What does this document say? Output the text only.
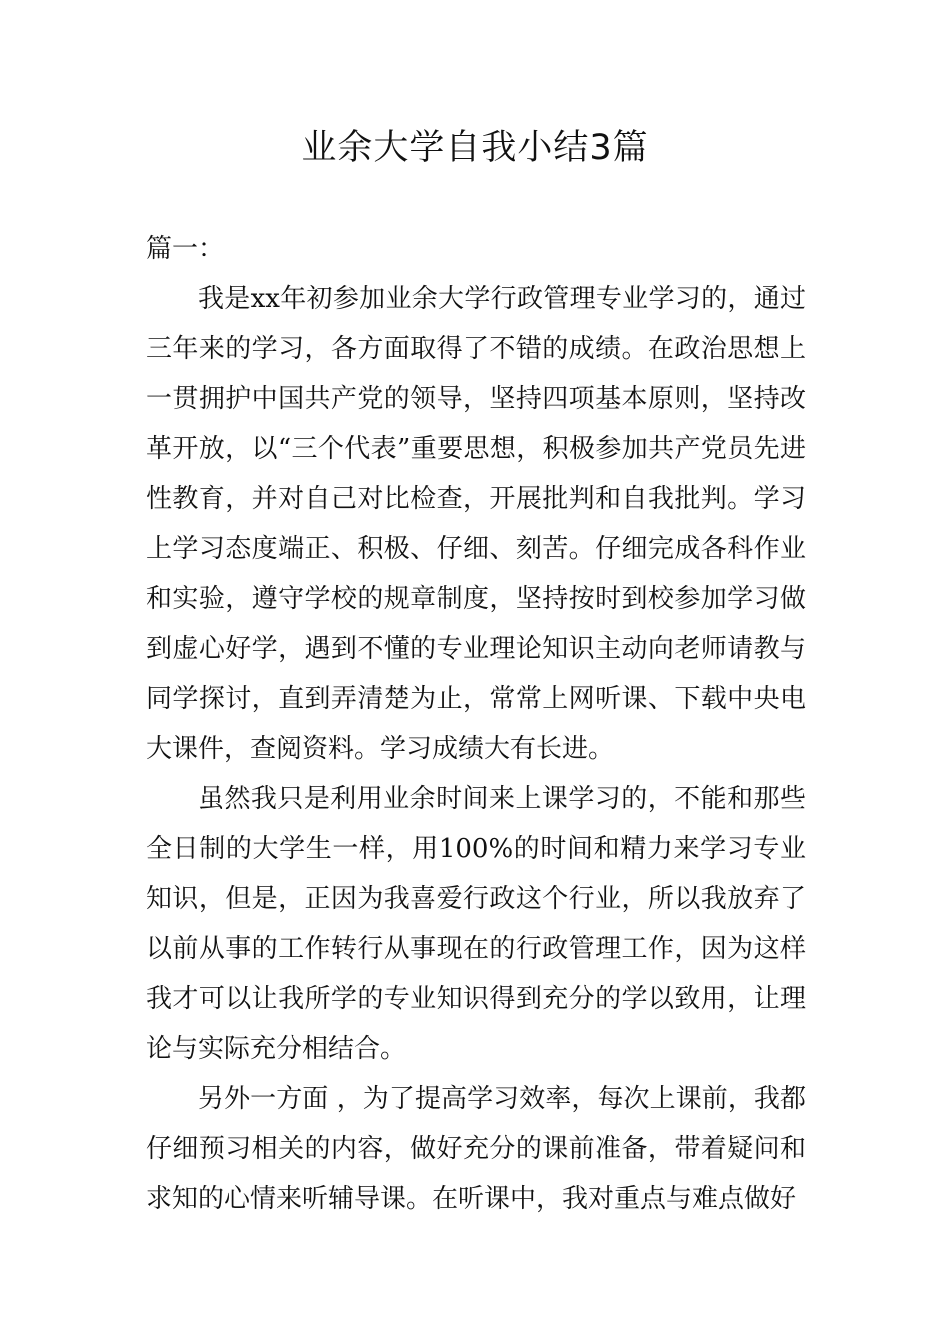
业余大学自我小结3篇

篇一：

我是xx年初参加业余大学行政管理专业学习的，通过三年来的学习，各方面取得了不错的成绩。在政治思想上一贯拥护中国共产党的领导，坚持四项基本原则，坚持改革开放，以“三个代表”重要思想，积极参加共产党员先进性教育，并对自己对比检查，开展批判和自我批判。学习上学习态度端正、积极、仔细、刻苦。仔细完成各科作业和实验，遵守学校的规章制度，坚持按时到校参加学习做到虚心好学，遇到不懂的专业理论知识主动向老师请教与同学探讨，直到弄清楚为止，常常上网听课、下载中央电大课件，查阅资料。学习成绩大有长进。

虽然我只是利用业余时间来上课学习的，不能和那些全日制的大学生一样，用100%的时间和精力来学习专业知识，但是，正因为我喜爱行政这个行业，所以我放弃了以前从事的工作转行从事现在的行政管理工作，因为这样我才可以让我所学的专业知识得到充分的学以致用，让理论与实际充分相结合。

另外一方面 ，为了提高学习效率，每次上课前，我都仔细预习相关的内容，做好充分的课前准备，带着疑问和求知的心情来听辅导课。在听课中，我对重点与难点做好
